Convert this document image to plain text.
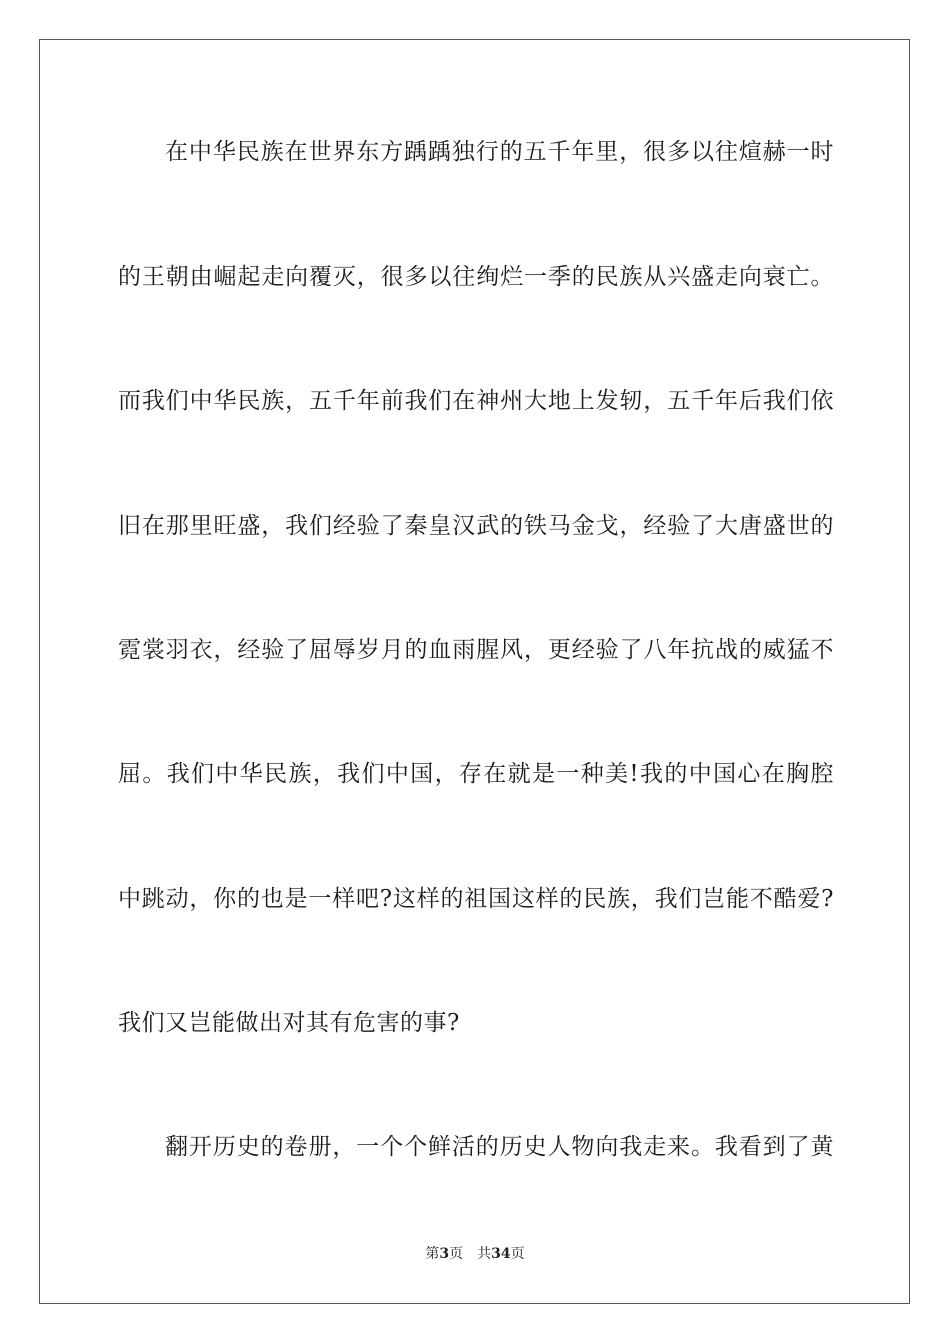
在中华民族在世界东方踽踽独行的五千年里，很多以往煊赫一时
的王朝由崛起走向覆灭，很多以往绚烂一季的民族从兴盛走向衰亡。
而我们中华民族，五千年前我们在神州大地上发轫，五千年后我们依
旧在那里旺盛，我们经验了秦皇汉武的铁马金戈，经验了大唐盛世的
霓裳羽衣，经验了屈辱岁月的血雨腥风，更经验了八年抗战的威猛不
屈。我们中华民族，我们中国，存在就是一种美!我的中国心在胸腔
中跳动，你的也是一样吧?这样的祖国这样的民族，我们岂能不酷爱?
我们又岂能做出对其有危害的事?
翻开历史的卷册，一个个鲜活的历史人物向我走来。我看到了黄
第3页 共34页
